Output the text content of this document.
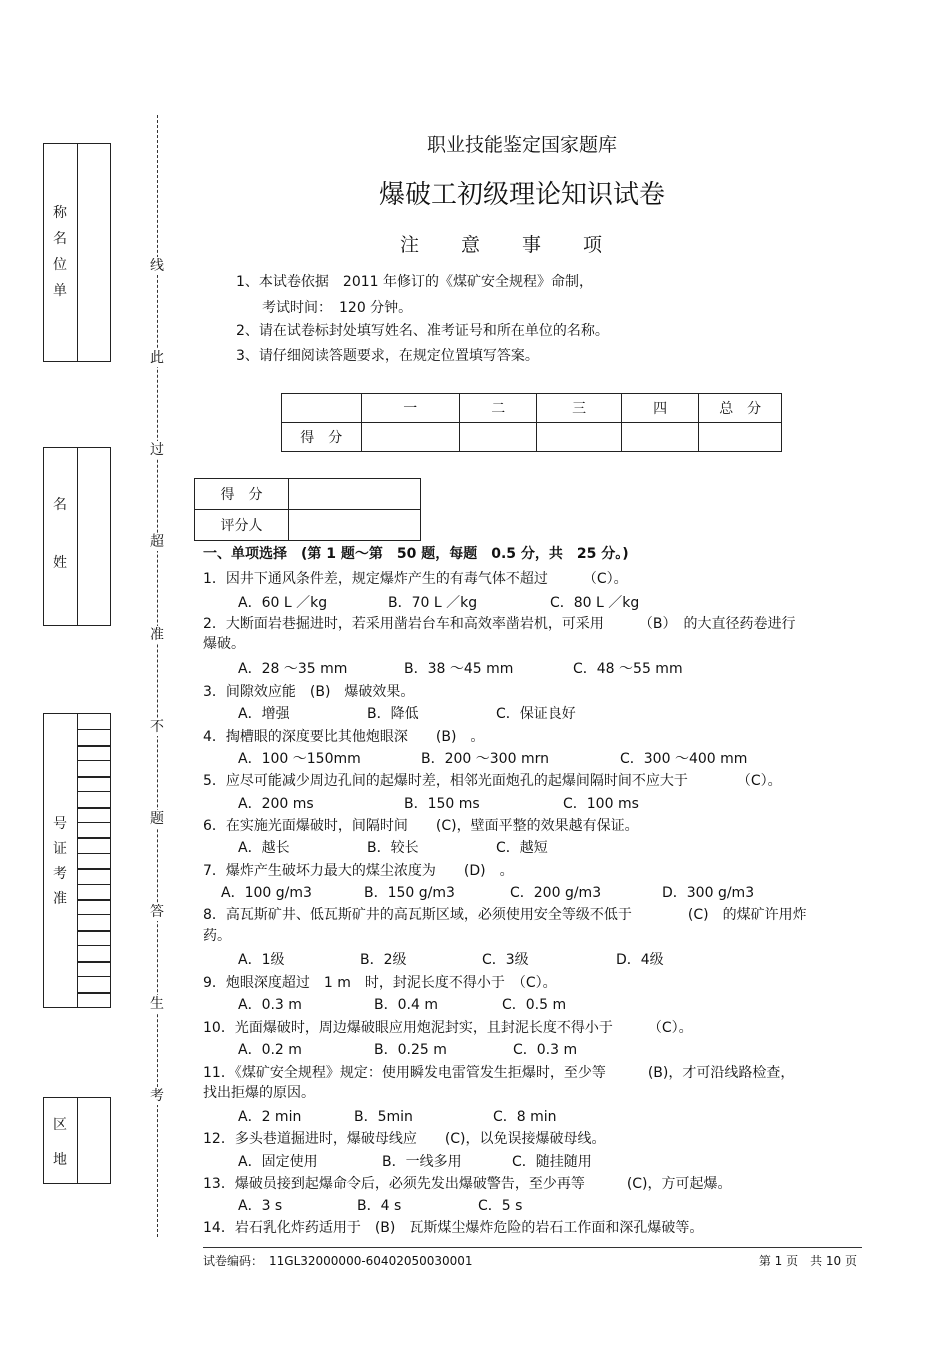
称
名
位
单
名
姓
号
证
考
准
区
地
线
此
过
超
准
不
题
答
生
考
职业技能鉴定国家题库
爆破工初级理论知识试卷
注意事项
1、本试卷依据　2011 年修订的《煤矿安全规程》命制，
考试时间：　120 分钟。
2、请在试卷标封处填写姓名、准考证号和所在单位的名称。
3、请仔细阅读答题要求，在规定位置填写答案。
	一	二	三	四	总　分
得　分					
得　分	
评分人	
一、单项选择　(第 1 题～第　50 题，每题　0.5 分，共　25 分。)
1．因井下通风条件差，规定爆炸产生的有毒气体不超过　　　（C）。
A．60 L ／kg	B．70 L ／kg	C．80 L ／kg
2．大断面岩巷掘进时，若采用凿岩台车和高效率凿岩机，可采用　　　（B）　的大直径药卷进行
爆破。
A．28 ～35 mm	B．38 ～45 mm	C．48 ～55 mm
3．间隙效应能　(B)　爆破效果。
A．增强	B．降低	C．保证良好
4．掏槽眼的深度要比其他炮眼深　　(B)　。
A．100 ～150mm	B．200 ～300 mrn	C．300 ～400 mm
5．应尽可能减少周边孔间的起爆时差，相邻光面炮孔的起爆间隔时间不应大于　　　　（C）。
A．200 ms	B．150 ms	C．100 ms
6．在实施光面爆破时，间隔时间　　(C)，壁面平整的效果越有保证。
A．越长	B．较长	C．越短
7．爆炸产生破坏力最大的煤尘浓度为　　(D)　。
A．100 g/m3	B．150 g/m3	C．200 g/m3	D．300 g/m3
8．高瓦斯矿井、低瓦斯矿井的高瓦斯区域，必须使用安全等级不低于　　　　(C)　的煤矿许用炸
药。
A．1级	B．2级	C．3级	D．4级
9．炮眼深度超过　1 m　时，封泥长度不得小于　（C）。
A．0.3 m	B．0.4 m	C．0.5 m
10．光面爆破时，周边爆破眼应用炮泥封实，且封泥长度不得小于　　　（C）。
A．0.2 m	B．0.25 m	C．0.3 m
11．《煤矿安全规程》规定：使用瞬发电雷管发生拒爆时，至少等　　　(B)，才可沿线路检查，
找出拒爆的原因。
A．2 min	B．5min	C．8 min
12．多头巷道掘进时，爆破母线应　　(C)，以免误接爆破母线。
A．固定使用	B．一线多用	C．随挂随用
13．爆破员接到起爆命令后，必须先发出爆破警告，至少再等　　　(C)，方可起爆。
A．3 s	B．4 s	C．5 s
14．岩石乳化炸药适用于　(B)　瓦斯煤尘爆炸危险的岩石工作面和深孔爆破等。
试卷编码：　11GL32000000-60402050030001	第 1 页　共 10 页
